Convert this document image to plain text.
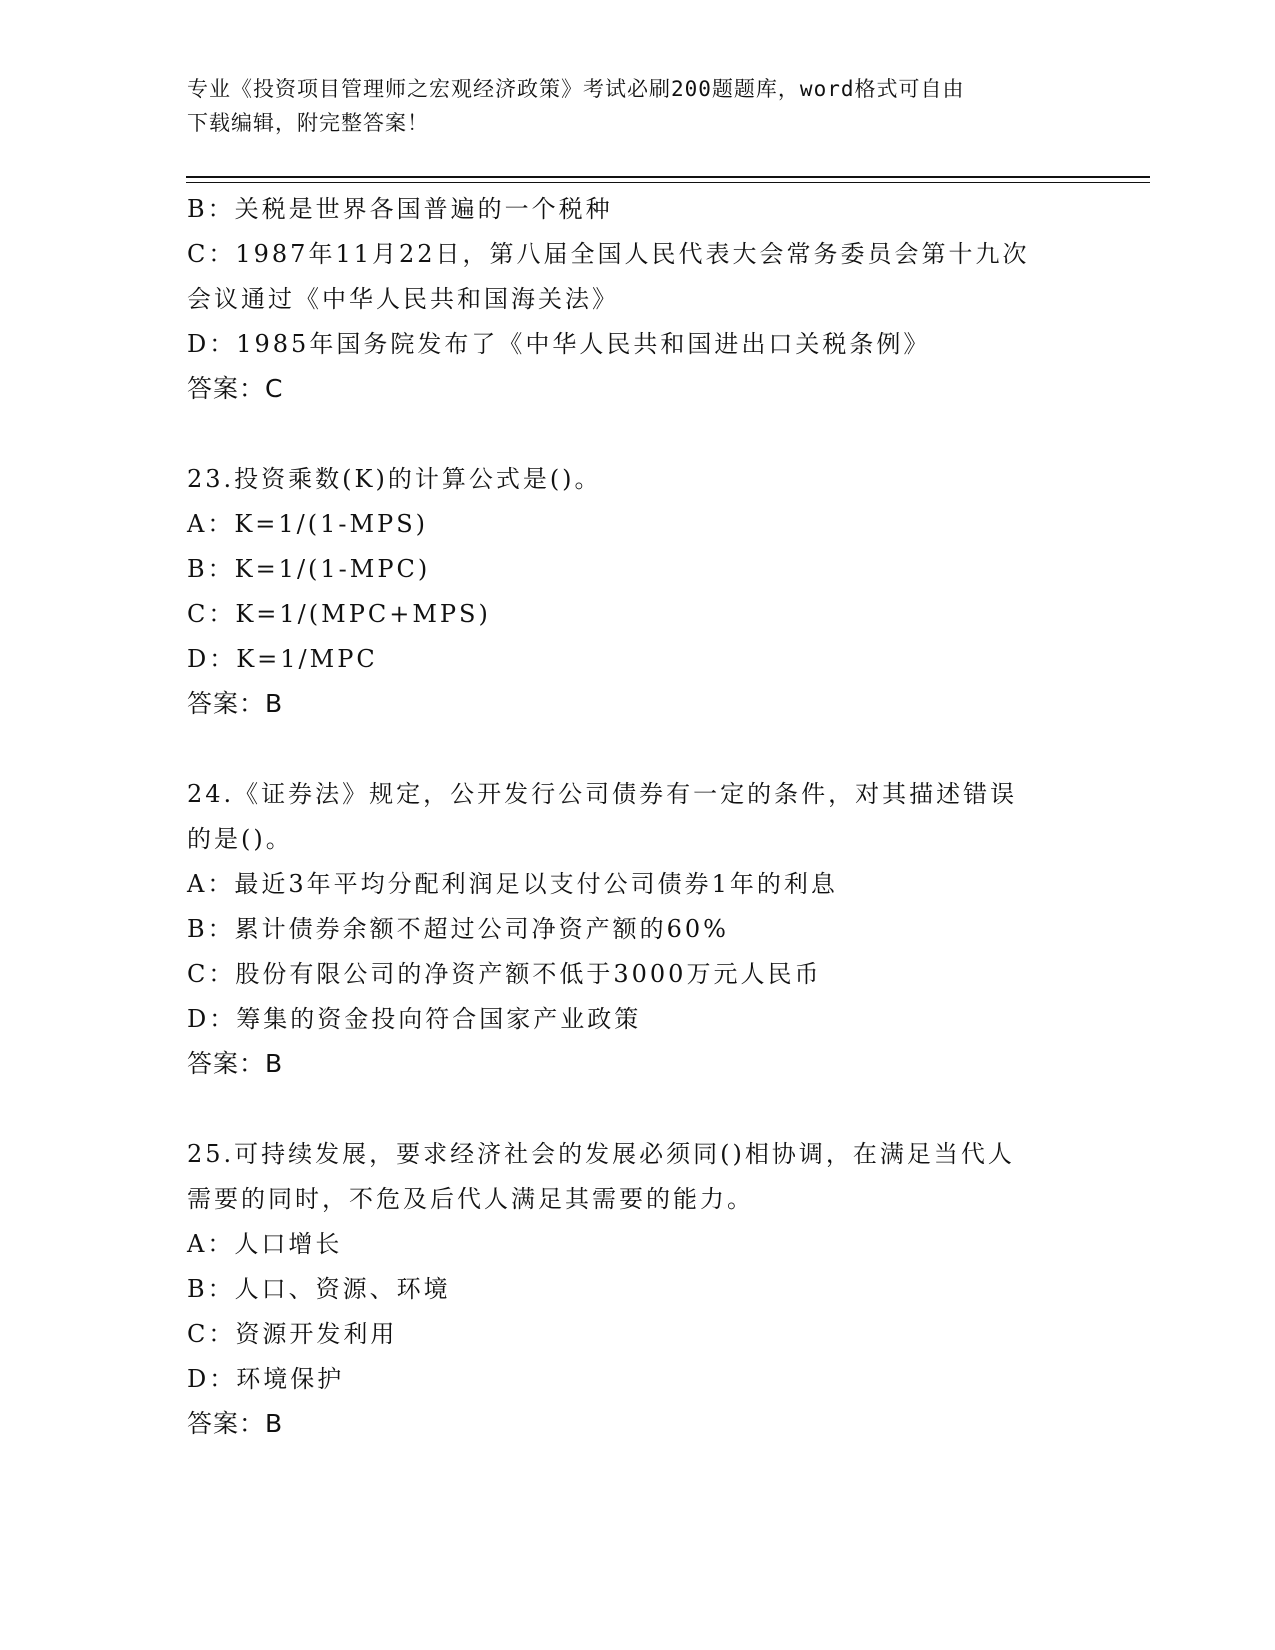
专业《投资项目管理师之宏观经济政策》考试必刷200题题库，word格式可自由
下载编辑，附完整答案！
B：关税是世界各国普遍的一个税种
C：1987年11月22日，第八届全国人民代表大会常务委员会第十九次
会议通过《中华人民共和国海关法》
D：1985年国务院发布了《中华人民共和国进出口关税条例》
答案：C
23.投资乘数(K)的计算公式是()。
A：K=1/(1-MPS)
B：K=1/(1-MPC)
C：K=1/(MPC+MPS)
D：K=1/MPC
答案：B
24.《证券法》规定，公开发行公司债券有一定的条件，对其描述错误
的是()。
A：最近3年平均分配利润足以支付公司债券1年的利息
B：累计债券余额不超过公司净资产额的60%
C：股份有限公司的净资产额不低于3000万元人民币
D：筹集的资金投向符合国家产业政策
答案：B
25.可持续发展，要求经济社会的发展必须同()相协调，在满足当代人
需要的同时，不危及后代人满足其需要的能力。
A：人口增长
B：人口、资源、环境
C：资源开发利用
D：环境保护
答案：B
